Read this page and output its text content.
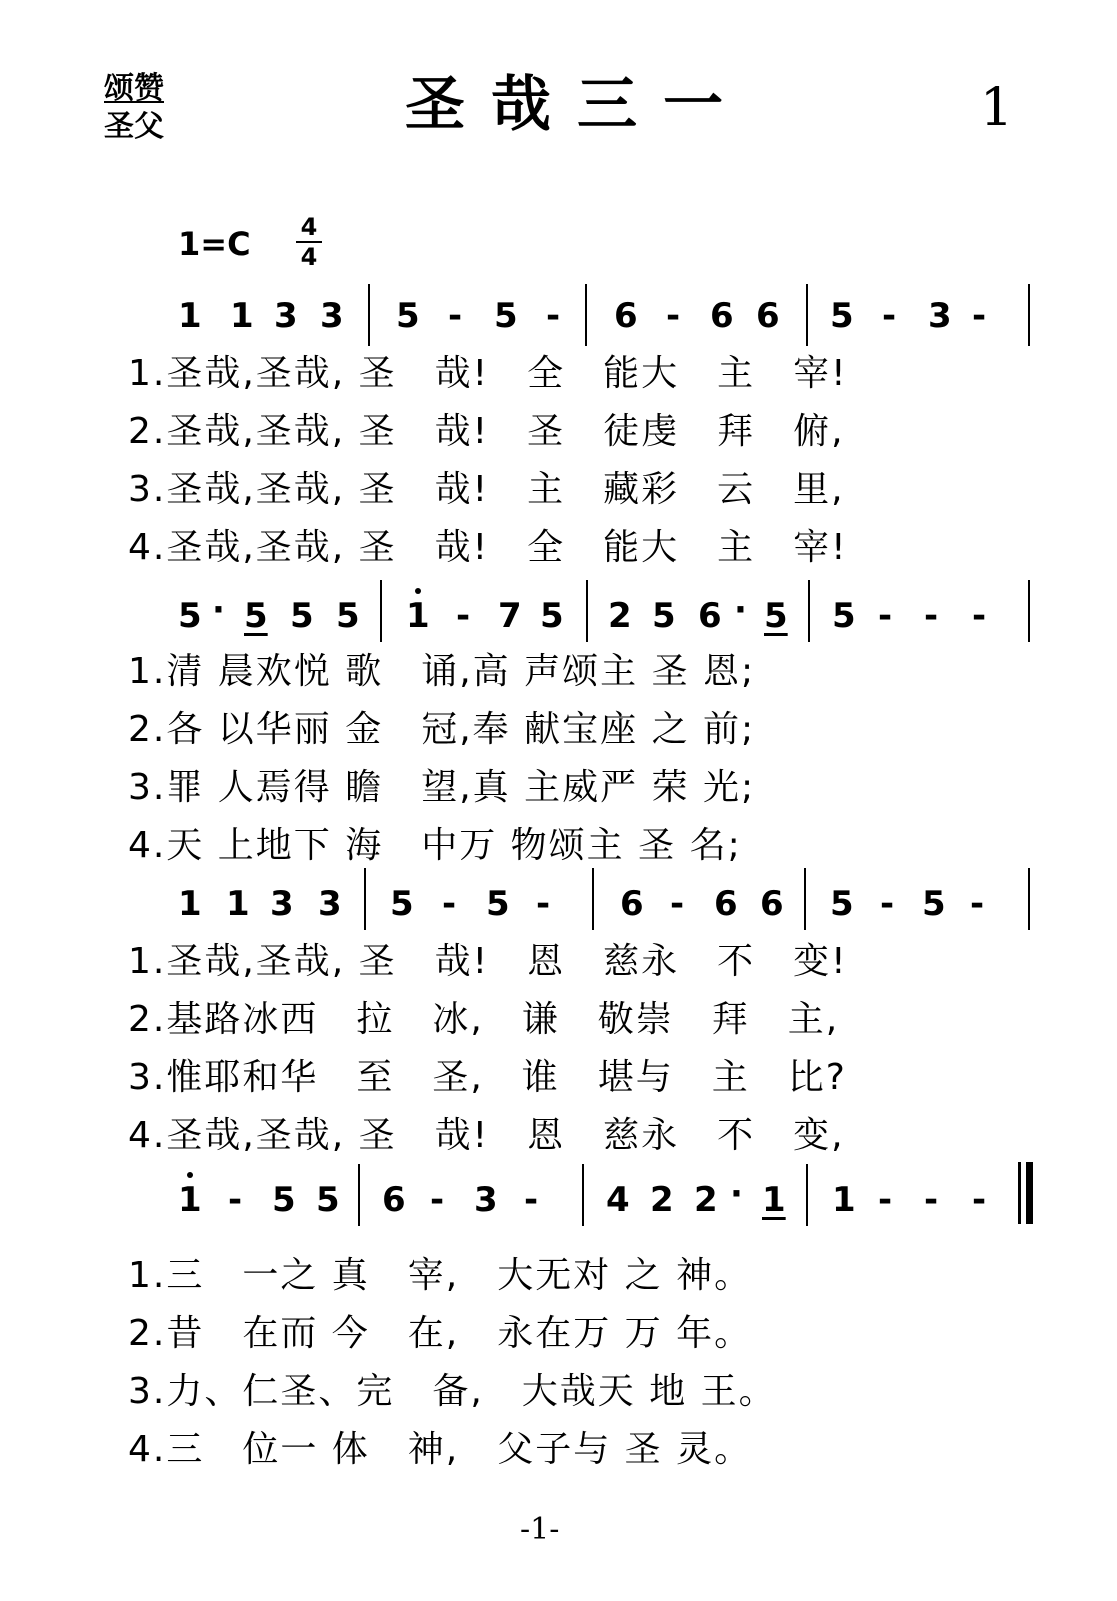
颂赞
圣父	圣哉三一	1
1=C 4
4
1 1 3 3 5 - 5 - 6 - 6 6 5 - 3 -
1.圣哉,圣哉, 圣　哉!　全　能大　主　宰!
2.圣哉,圣哉, 圣　哉!　圣　徒虔　拜　俯,
3.圣哉,圣哉, 圣　哉!　主　藏彩　云　里,
4.圣哉,圣哉, 圣　哉!　全　能大　主　宰!
5 · 5 5 5 1 - 7 5 2 5 6 · 5 5 - - -
1.清 晨欢悦 歌　诵,高 声颂主 圣 恩;
2.各 以华丽 金　冠,奉 献宝座 之 前;
3.罪 人焉得 瞻　望,真 主威严 荣 光;
4.天 上地下 海　中万 物颂主 圣 名;
1 1 3 3 5 - 5 - 6 - 6 6 5 - 5 -
1.圣哉,圣哉, 圣　哉!　恩　慈永　不　变!
2.基路冰西　拉　冰,　谦　敬崇　拜　主,
3.惟耶和华　至　圣,　谁　堪与　主　比?
4.圣哉,圣哉, 圣　哉!　恩　慈永　不　变,
1 - 5 5 6 - 3 - 4 2 2 · 1 1 - - -
1.三　一之 真　宰,　大无对 之 神。
2.昔　在而 今　在,　永在万 万 年。
3.力、仁圣、完　备,　大哉天 地 王。
4.三　位一 体　神,　父子与 圣 灵。
-1-
